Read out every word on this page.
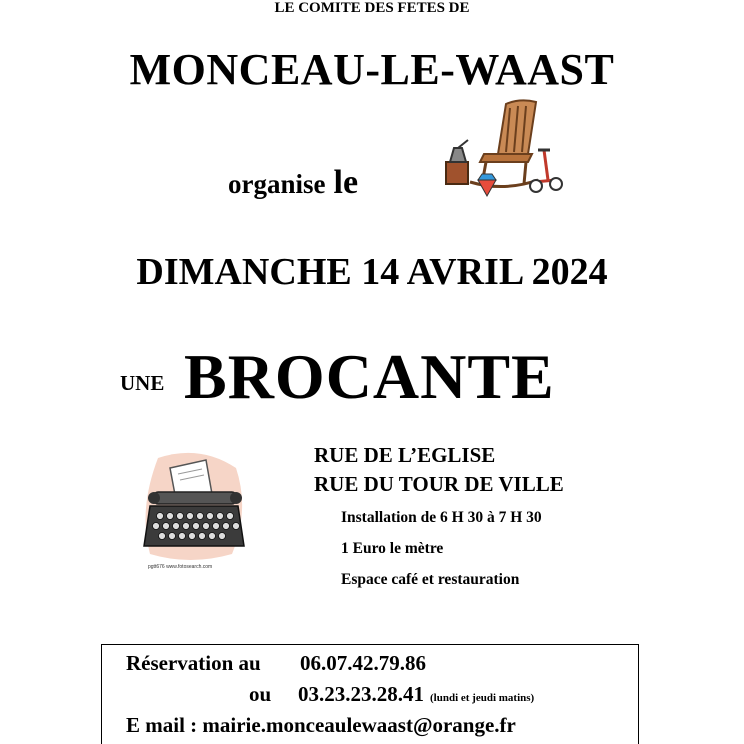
LE COMITE DES FETES DE
MONCEAU-LE-WAAST
organise le
DIMANCHE 14 AVRIL 2024
UNE BROCANTE
pgtt676 www.fotosearch.com
RUE DE L’EGLISE
RUE DU TOUR DE VILLE
Installation de 6 H 30 à 7 H 30
1 Euro le mètre
Espace café et restauration
Réservation au 06.07.42.79.86
ou 03.23.23.28.41 (lundi et jeudi matins)
E mail : mairie.monceaulewaast@orange.fr
